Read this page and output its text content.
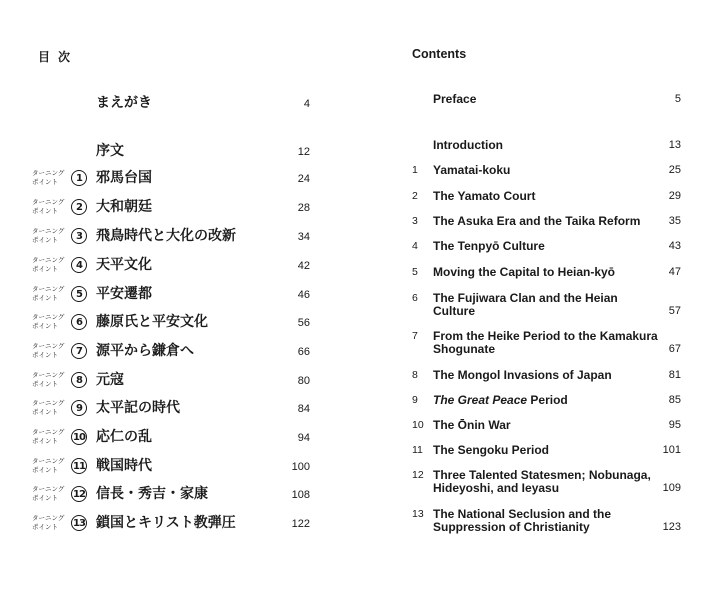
目次
まえがき	4
序文	12
ターニング
ポイント	1	邪馬台国	24
ターニング
ポイント	2	大和朝廷	28
ターニング
ポイント	3	飛鳥時代と大化の改新	34
ターニング
ポイント	4	天平文化	42
ターニング
ポイント	5	平安遷都	46
ターニング
ポイント	6	藤原氏と平安文化	56
ターニング
ポイント	7	源平から鎌倉へ	66
ターニング
ポイント	8	元寇	80
ターニング
ポイント	9	太平記の時代	84
ターニング
ポイント	10 応仁の乱	94
ターニング
ポイント	11 戦国時代	100
ターニング
ポイント	12 信長・秀吉・家康	108
ターニング
ポイント	13 鎖国とキリスト教弾圧	122
Contents
Preface	5
Introduction	13
1 Yamatai-koku	25
2 The Yamato Court	29
3 The Asuka Era and the Taika Reform	35
4 The Tenpyō Culture	43
5 Moving the Capital to Heian-kyō	47
6 The Fujiwara Clan and the Heian Culture	57
7 From the Heike Period to the Kamakura Shogunate	67
8 The Mongol Invasions of Japan	81
9 The Great Peace Period	85
10 The Ōnin War	95
11 The Sengoku Period	101
12 Three Talented Statesmen; Nobunaga, Hideyoshi, and Ieyasu	109
13 The National Seclusion and the Suppression of Christianity	123
